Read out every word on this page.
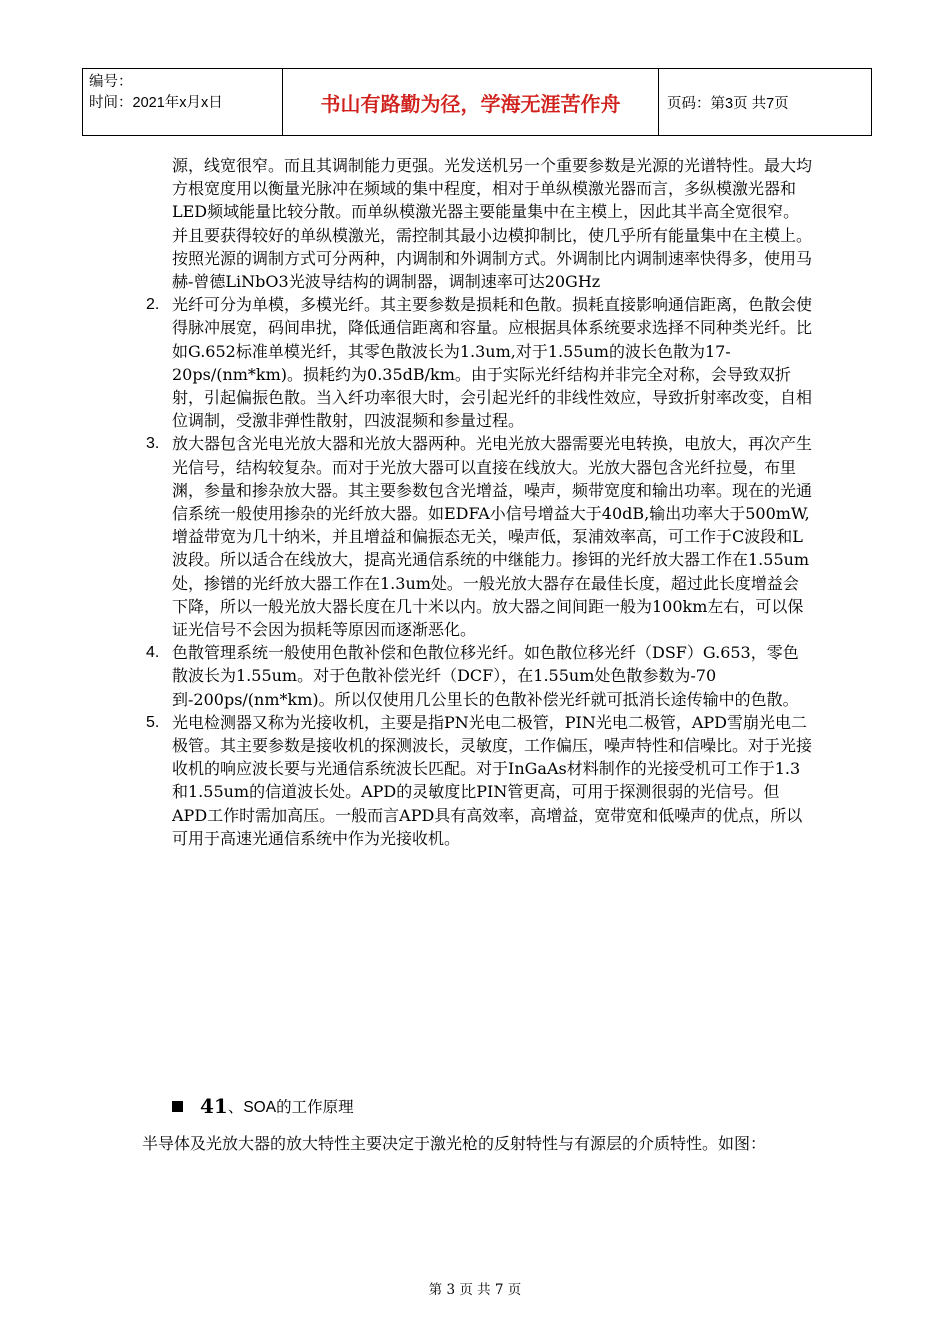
编号：
时间：2021年x月x日	书山有路勤为径，学海无涯苦作舟	页码：第3页 共7页

源，线宽很窄。而且其调制能力更强。光发送机另一个重要参数是光源的光谱特性。最大均方根宽度用以衡量光脉冲在频域的集中程度，相对于单纵模激光器而言，多纵模激光器和LED频域能量比较分散。而单纵模激光器主要能量集中在主模上，因此其半高全宽很窄。并且要获得较好的单纵模激光，需控制其最小边模抑制比，使几乎所有能量集中在主模上。

按照光源的调制方式可分两种，内调制和外调制方式。外调制比内调制速率快得多，使用马赫-曾德LiNbO3光波导结构的调制器，调制速率可达20GHz

2. 光纤可分为单模，多模光纤。其主要参数是损耗和色散。损耗直接影响通信距离，色散会使得脉冲展宽，码间串扰，降低通信距离和容量。应根据具体系统要求选择不同种类光纤。比如G.652标准单模光纤，其零色散波长为1.3um,对于1.55um的波长色散为17-20ps/(nm*km)。损耗约为0.35dB/km。由于实际光纤结构并非完全对称，会导致双折射，引起偏振色散。当入纤功率很大时，会引起光纤的非线性效应，导致折射率改变，自相位调制，受激非弹性散射，四波混频和参量过程。
3. 放大器包含光电光放大器和光放大器两种。光电光放大器需要光电转换，电放大，再次产生光信号，结构较复杂。而对于光放大器可以直接在线放大。光放大器包含光纤拉曼，布里渊，参量和掺杂放大器。其主要参数包含光增益，噪声，频带宽度和输出功率。现在的光通信系统一般使用掺杂的光纤放大器。如EDFA小信号增益大于40dB,输出功率大于500mW,增益带宽为几十纳米，并且增益和偏振态无关，噪声低，泵浦效率高，可工作于C波段和L波段。所以适合在线放大，提高光通信系统的中继能力。掺铒的光纤放大器工作在1.55um处，掺镨的光纤放大器工作在1.3um处。一般光放大器存在最佳长度，超过此长度增益会下降，所以一般光放大器长度在几十米以内。放大器之间间距一般为100km左右，可以保证光信号不会因为损耗等原因而逐渐恶化。
4. 色散管理系统一般使用色散补偿和色散位移光纤。如色散位移光纤（DSF）G.653，零色散波长为1.55um。对于色散补偿光纤（DCF），在1.55um处色散参数为-70到-200ps/(nm*km)。所以仅使用几公里长的色散补偿光纤就可抵消长途传输中的色散。
5. 光电检测器又称为光接收机，主要是指PN光电二极管，PIN光电二极管，APD雪崩光电二极管。其主要参数是接收机的探测波长，灵敏度，工作偏压，噪声特性和信噪比。对于光接收机的响应波长要与光通信系统波长匹配。对于InGaAs材料制作的光接受机可工作于1.3和1.55um的信道波长处。APD的灵敏度比PIN管更高，可用于探测很弱的光信号。但APD工作时需加高压。一般而言APD具有高效率，高增益，宽带宽和低噪声的优点，所以可用于高速光通信系统中作为光接收机。
41 、SOA的工作原理
半导体及光放大器的放大特性主要决定于激光枪的反射特性与有源层的介质特性。如图：
第 3 页 共 7 页
